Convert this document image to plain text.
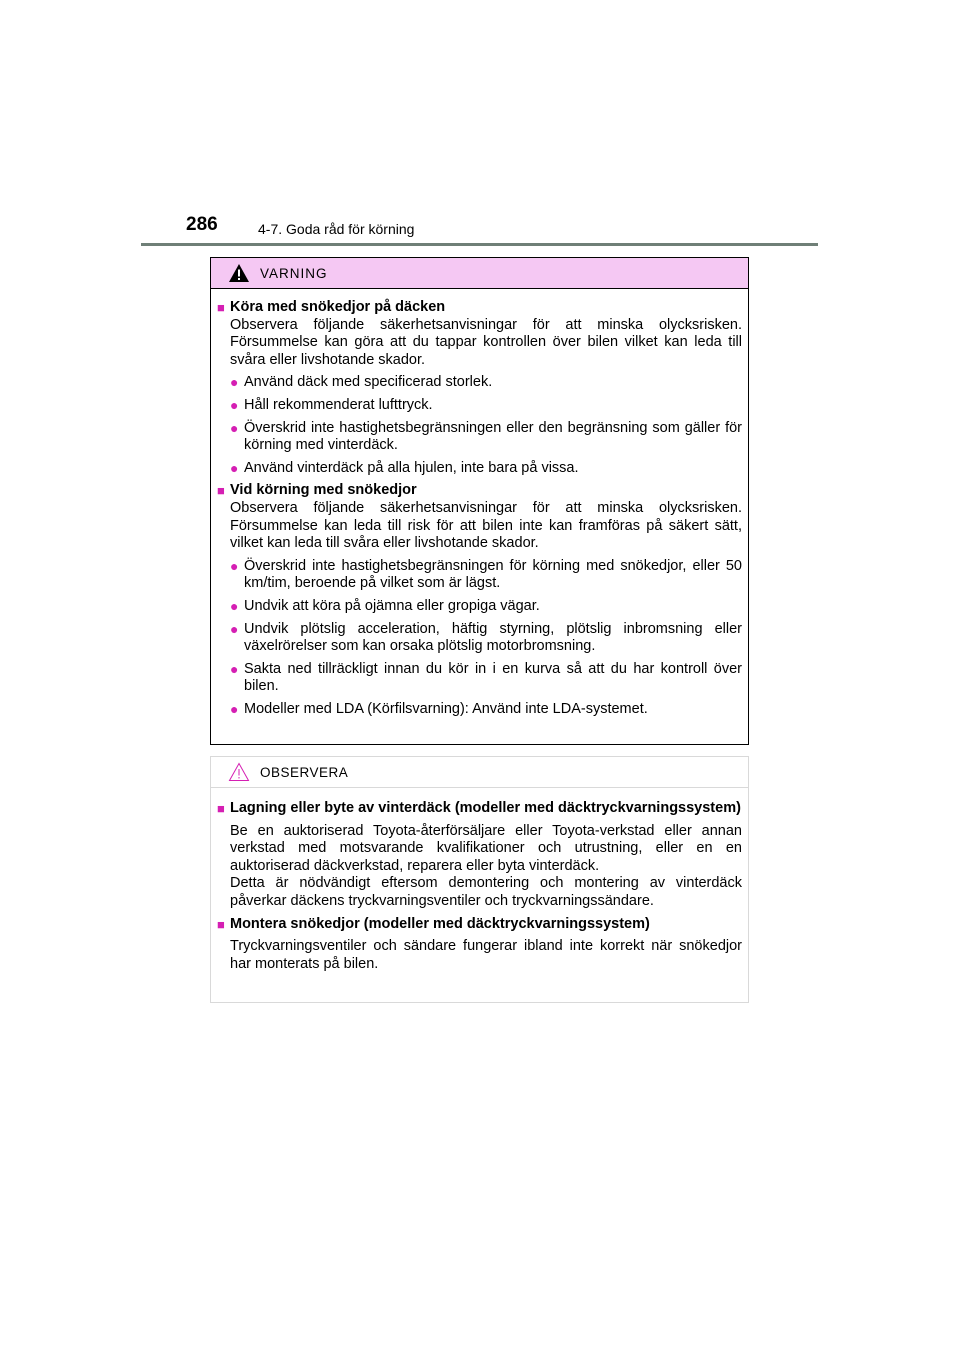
286	4-7. Goda råd för körning
VARNING
■ Köra med snökedjor på däcken
Observera följande säkerhetsanvisningar för att minska olycksrisken. Försummelse kan göra att du tappar kontrollen över bilen vilket kan leda till svåra eller livshotande skador.
● Använd däck med specificerad storlek.
● Håll rekommenderat lufttryck.
● Överskrid inte hastighetsbegränsningen eller den begränsning som gäller för körning med vinterdäck.
● Använd vinterdäck på alla hjulen, inte bara på vissa.
■ Vid körning med snökedjor
Observera följande säkerhetsanvisningar för att minska olycksrisken. Försummelse kan leda till risk för att bilen inte kan framföras på säkert sätt, vilket kan leda till svåra eller livshotande skador.
● Överskrid inte hastighetsbegränsningen för körning med snökedjor, eller 50 km/tim, beroende på vilket som är lägst.
● Undvik att köra på ojämna eller gropiga vägar.
● Undvik plötslig acceleration, häftig styrning, plötslig inbromsning eller växelrörelser som kan orsaka plötslig motorbromsning.
● Sakta ned tillräckligt innan du kör in i en kurva så att du har kontroll över bilen.
● Modeller med LDA (Körfilsvarning): Använd inte LDA-systemet.
OBSERVERA
■ Lagning eller byte av vinterdäck (modeller med däcktryckvarningssystem)
Be en auktoriserad Toyota-återförsäljare eller Toyota-verkstad eller annan verkstad med motsvarande kvalifikationer och utrustning, eller en en auktoriserad däckverkstad, reparera eller byta vinterdäck.
Detta är nödvändigt eftersom demontering och montering av vinterdäck påverkar däckens tryckvarningsventiler och tryckvarningssändare.
■ Montera snökedjor (modeller med däcktryckvarningssystem)
Tryckvarningsventiler och sändare fungerar ibland inte korrekt när snökedjor har monterats på bilen.
